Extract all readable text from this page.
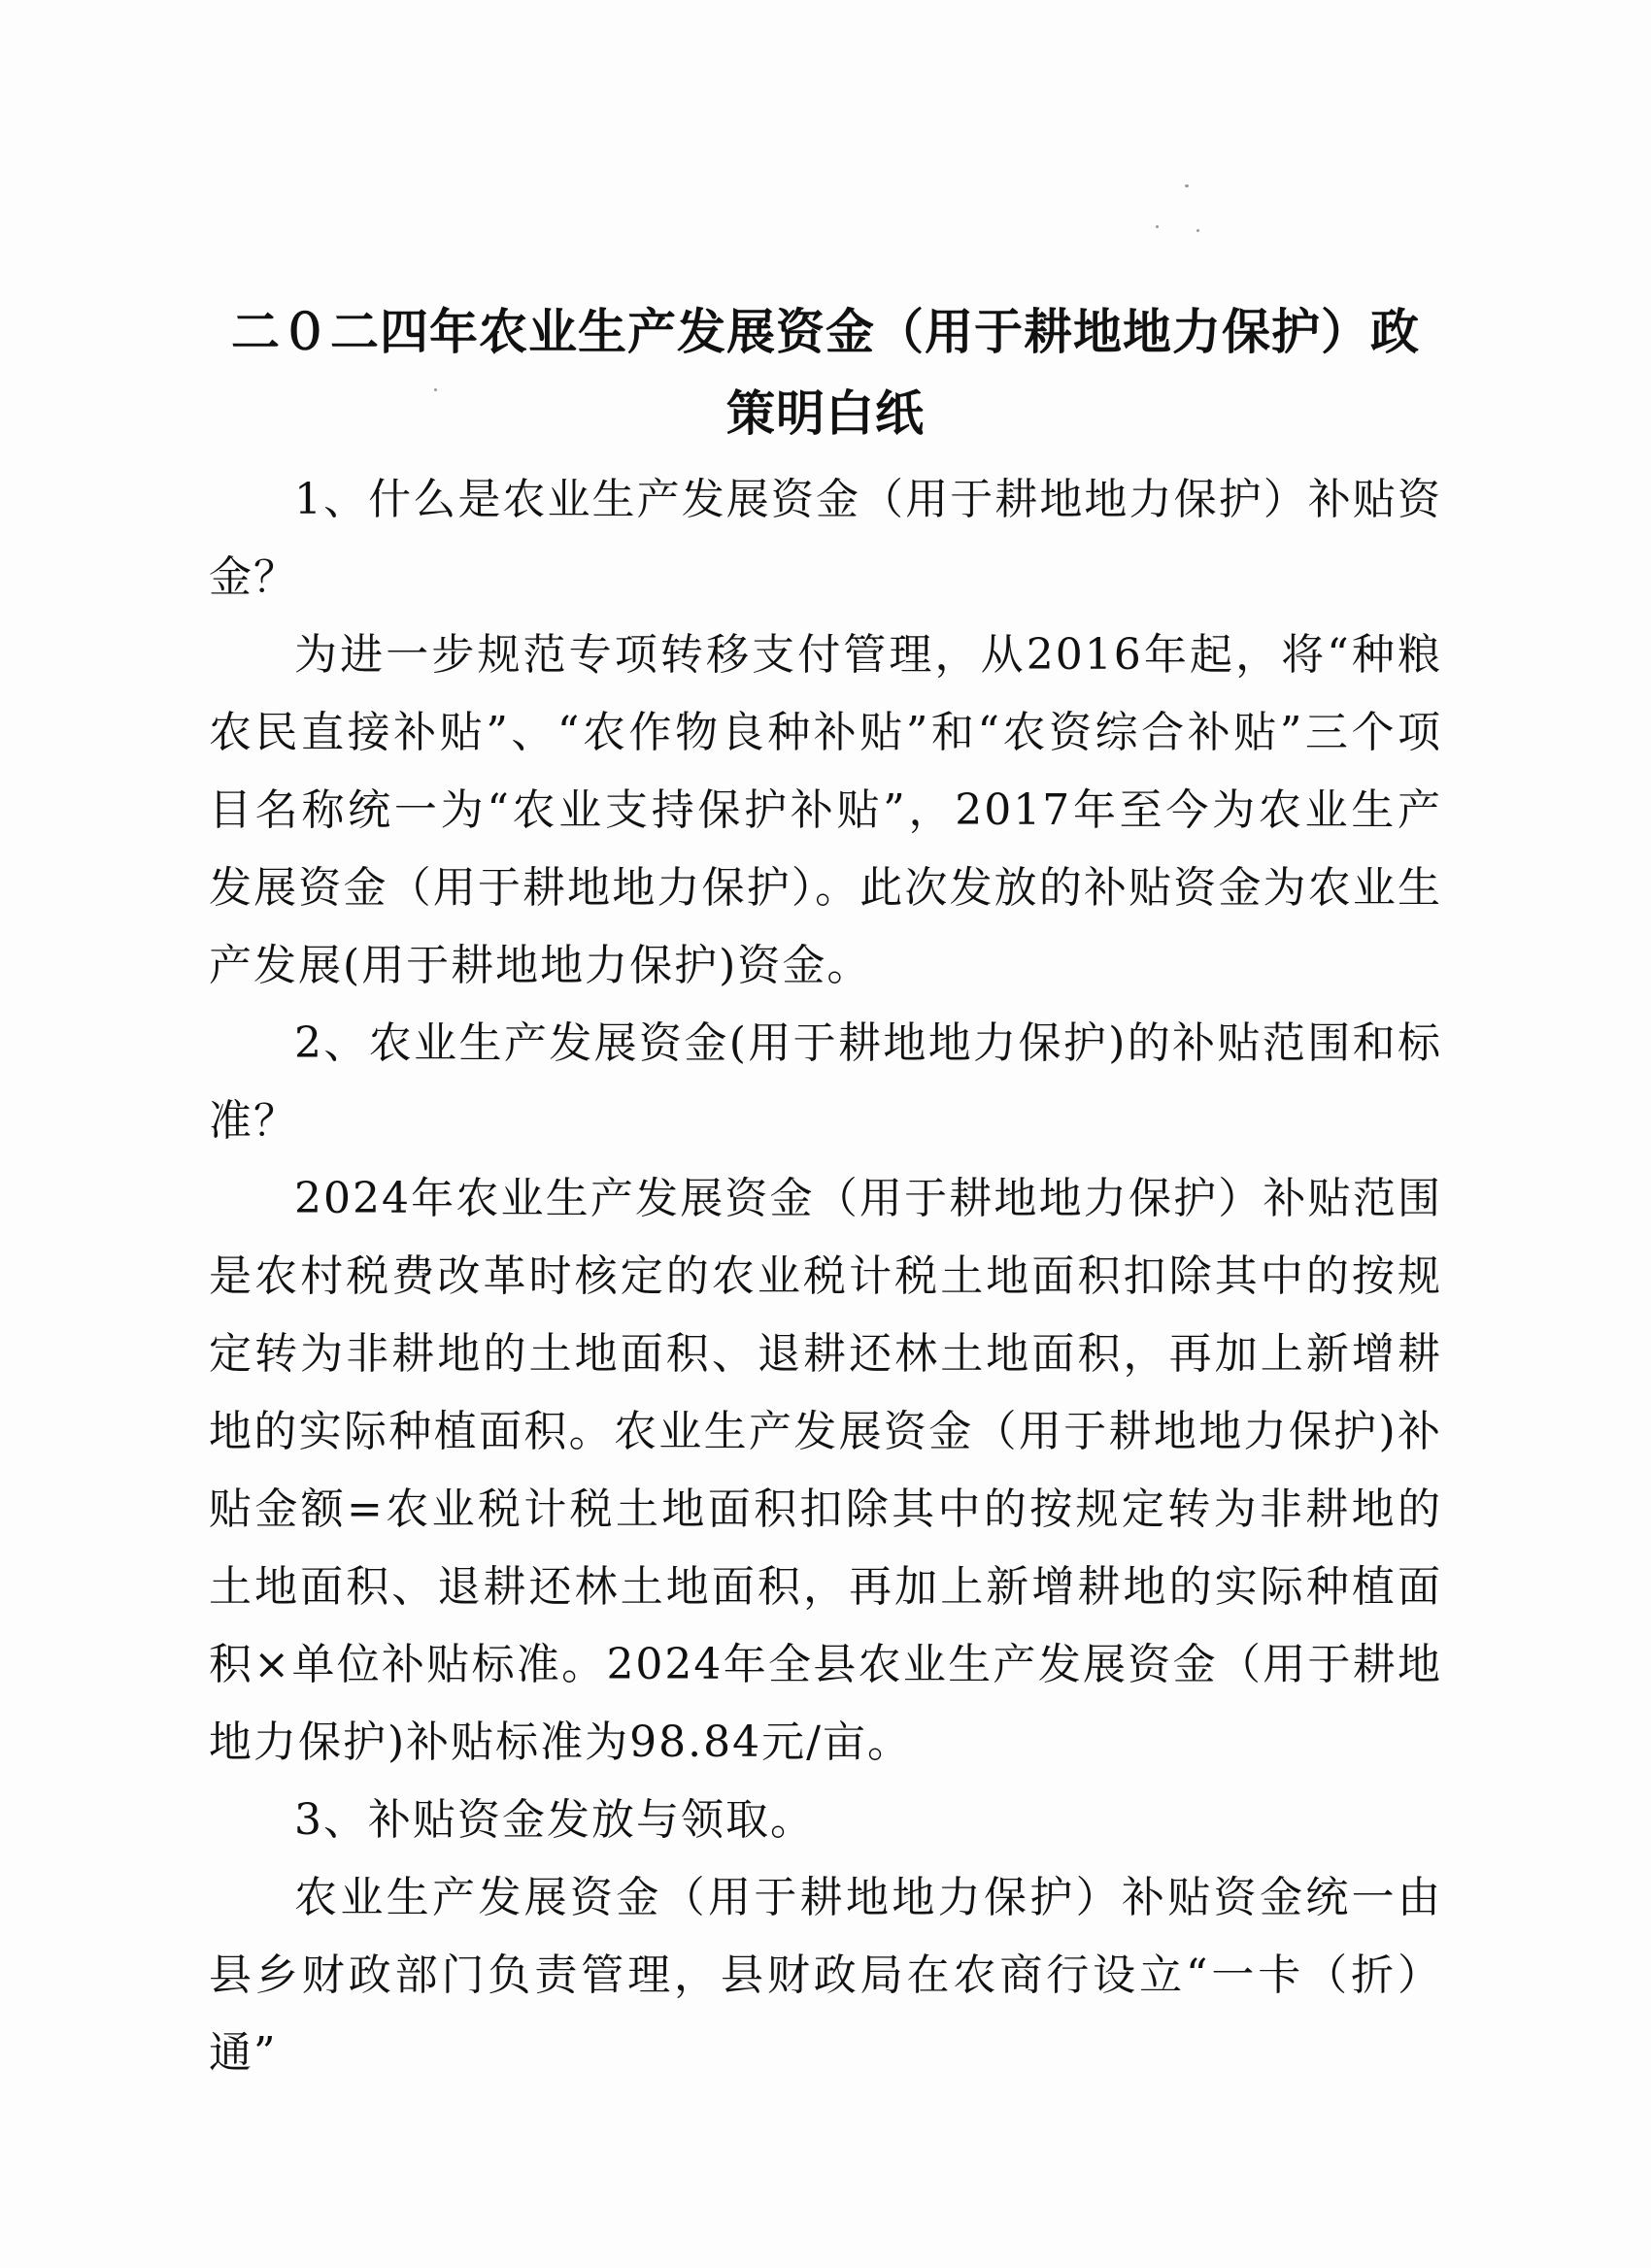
二０二四年农业生产发展资金（用于耕地地力保护）政策明白纸

1、什么是农业生产发展资金（用于耕地地力保护）补贴资金？

为进一步规范专项转移支付管理，从2016年起，将“种粮农民直接补贴”、“农作物良种补贴”和“农资综合补贴”三个项目名称统一为“农业支持保护补贴”，2017年至今为农业生产发展资金（用于耕地地力保护）。此次发放的补贴资金为农业生产发展(用于耕地地力保护)资金。

2、农业生产发展资金(用于耕地地力保护)的补贴范围和标准？

2024年农业生产发展资金（用于耕地地力保护）补贴范围是农村税费改革时核定的农业税计税土地面积扣除其中的按规定转为非耕地的土地面积、退耕还林土地面积，再加上新增耕地的实际种植面积。农业生产发展资金（用于耕地地力保护)补贴金额=农业税计税土地面积扣除其中的按规定转为非耕地的土地面积、退耕还林土地面积，再加上新增耕地的实际种植面积×单位补贴标准。2024年全县农业生产发展资金（用于耕地地力保护)补贴标准为98.84元/亩。

3、补贴资金发放与领取。

农业生产发展资金（用于耕地地力保护）补贴资金统一由县乡财政部门负责管理，县财政局在农商行设立“一卡（折）通”
